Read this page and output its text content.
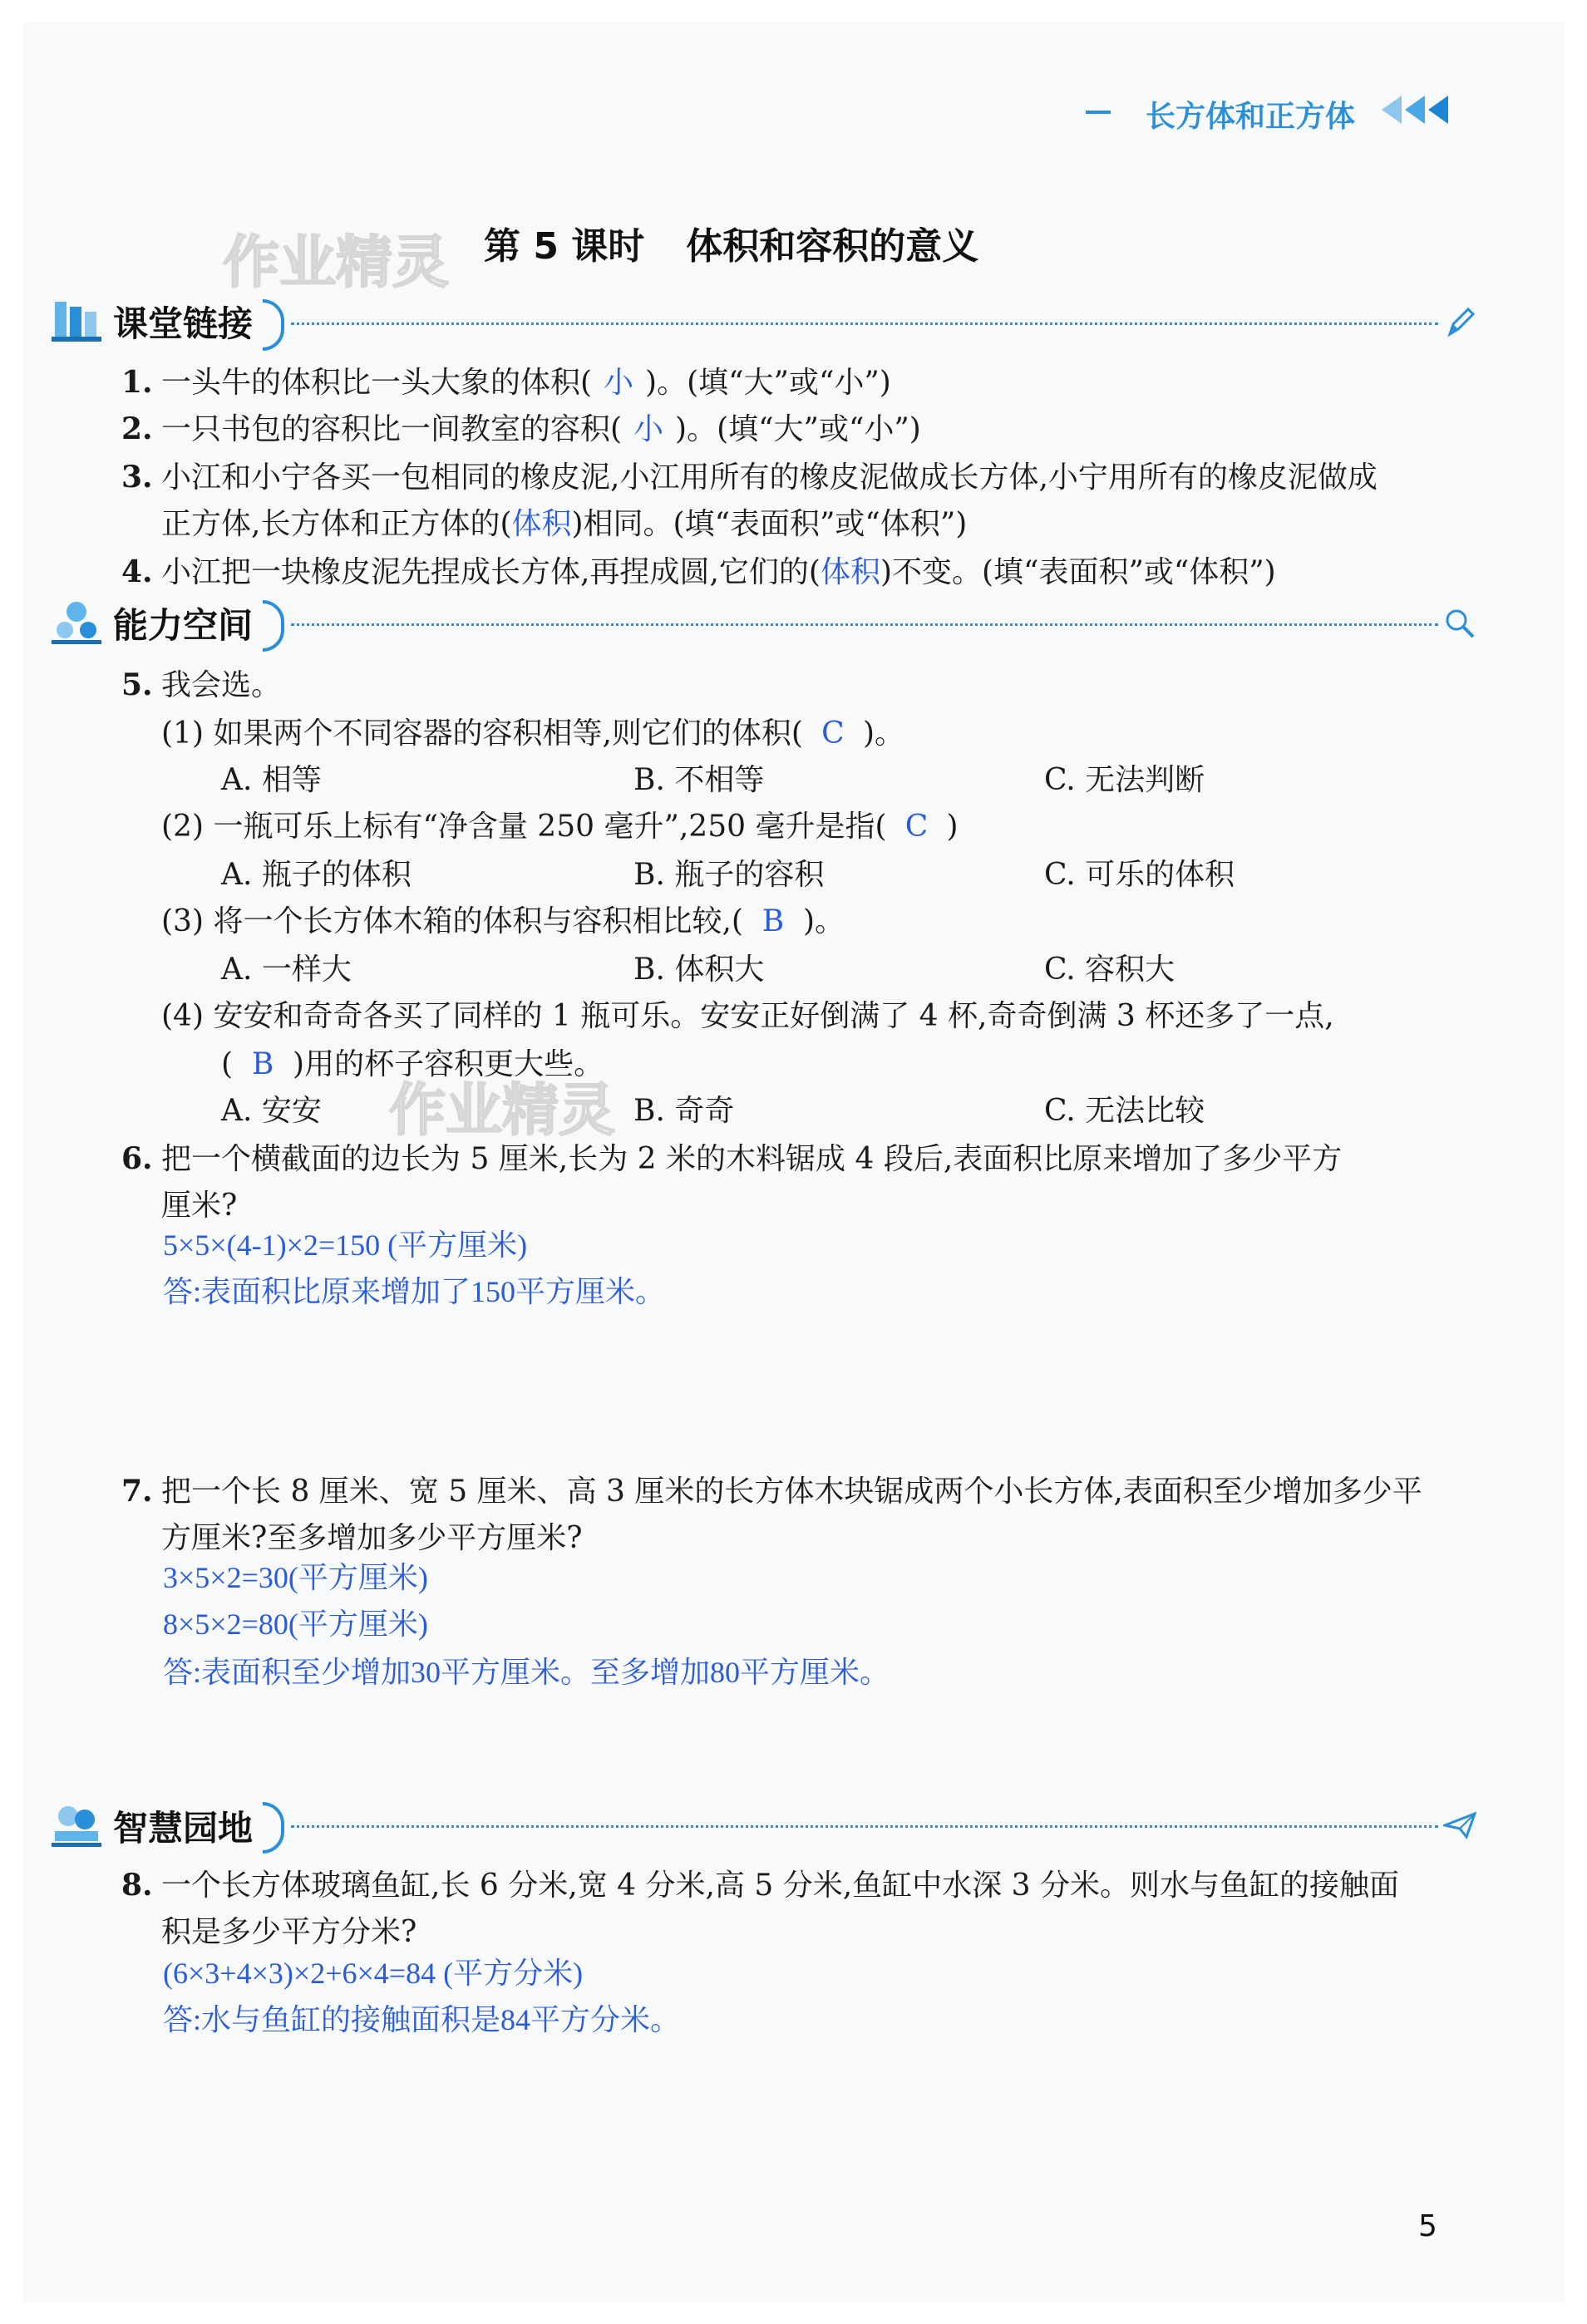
长方体和正方体
作业精灵
作业精灵
第 5 课时 体积和容积的意义
课堂链接
1. 一头牛的体积比一头大象的体积( 小 )。(填“大”或“小”)
2. 一只书包的容积比一间教室的容积( 小 )。(填“大”或“小”)
3. 小江和小宁各买一包相同的橡皮泥,小江用所有的橡皮泥做成长方体,小宁用所有的橡皮泥做成
正方体,长方体和正方体的(体积)相同。(填“表面积”或“体积”)
4. 小江把一块橡皮泥先捏成长方体,再捏成圆,它们的(体积)不变。(填“表面积”或“体积”)
能力空间
5. 我会选。
(1) 如果两个不同容器的容积相等,则它们的体积( C )。
A. 相等	B. 不相等	C. 无法判断
(2) 一瓶可乐上标有“净含量 250 毫升”,250 毫升是指( C )
A. 瓶子的体积	B. 瓶子的容积	C. 可乐的体积
(3) 将一个长方体木箱的体积与容积相比较,( B )。
A. 一样大	B. 体积大	C. 容积大
(4) 安安和奇奇各买了同样的 1 瓶可乐。安安正好倒满了 4 杯,奇奇倒满 3 杯还多了一点,
( B )用的杯子容积更大些。
A. 安安	B. 奇奇	C. 无法比较
6. 把一个横截面的边长为 5 厘米,长为 2 米的木料锯成 4 段后,表面积比原来增加了多少平方
厘米?
5×5×(4-1)×2=150 (平方厘米)
答:表面积比原来增加了150平方厘米。
7. 把一个长 8 厘米、宽 5 厘米、高 3 厘米的长方体木块锯成两个小长方体,表面积至少增加多少平
方厘米?至多增加多少平方厘米?
3×5×2=30(平方厘米)
8×5×2=80(平方厘米)
答:表面积至少增加30平方厘米。至多增加80平方厘米。
智慧园地
8. 一个长方体玻璃鱼缸,长 6 分米,宽 4 分米,高 5 分米,鱼缸中水深 3 分米。则水与鱼缸的接触面
积是多少平方分米?
(6×3+4×3)×2+6×4=84 (平方分米)
答:水与鱼缸的接触面积是84平方分米。
5
